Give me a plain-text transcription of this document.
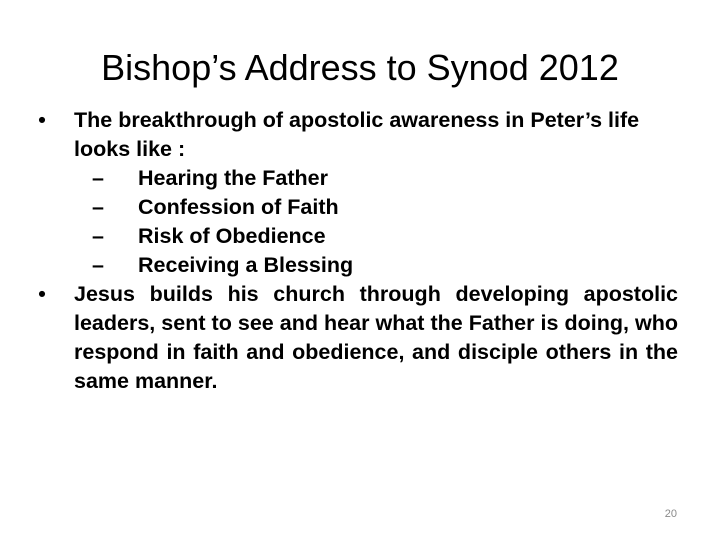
Bishop’s Address to Synod 2012
• The breakthrough of apostolic awareness in Peter’s life looks like :
– Hearing the Father
– Confession of Faith
– Risk of Obedience
– Receiving a Blessing
• Jesus builds his church through developing apostolic leaders, sent to see and hear what the Father is doing, who respond in faith and obedience, and disciple others in the same manner.
20
